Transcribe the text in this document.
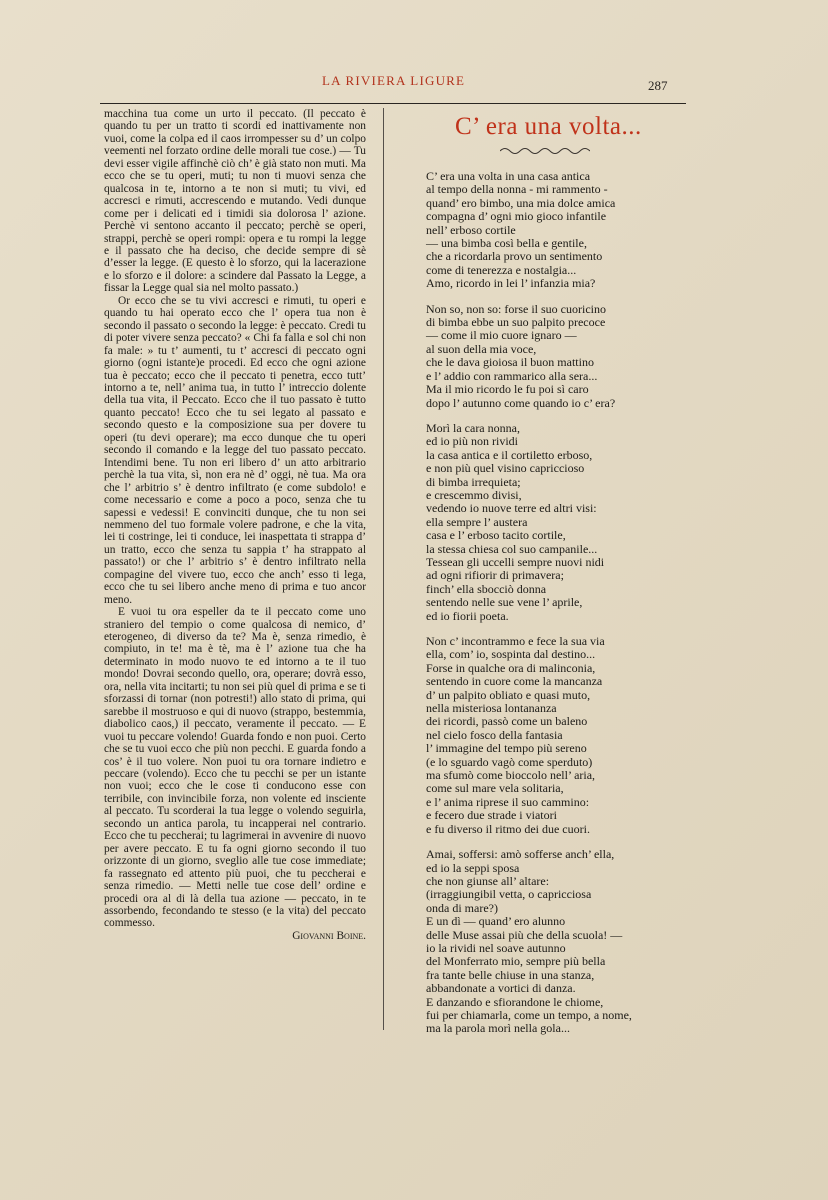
LA RIVIERA LIGURE	287

macchina tua come un urto il peccato. (Il peccato è quando tu per un tratto ti scordi ed inattivamente non vuoi, come la colpa ed il caos irrompesser su d’ un colpo veementi nel forzato ordine delle morali tue cose.) — Tu devi esser vigile affinchè ciò ch’ è già stato non muti. Ma ecco che se tu operi, muti; tu non ti muovi senza che qualcosa in te, intorno a te non si muti; tu vivi, ed accresci e rimuti, accrescendo e mutando. Vedi dunque come per i delicati ed i timidi sia dolorosa l’ azione. Perchè vi sentono accanto il peccato; perchè se operi, strappi, perchè se operi rompi: opera e tu rompi la legge e il passato che ha deciso, che decide sempre di sè d’esser la legge. (E questo è lo sforzo, qui la lacerazione e lo sforzo e il dolore: a scindere dal Passato la Legge, a fissar la Legge qual sia nel molto passato.)

Or ecco che se tu vivi accresci e rimuti, tu operi e quando tu hai operato ecco che l’ opera tua non è secondo il passato o secondo la legge: è peccato. Credi tu di poter vivere senza peccato? « Chi fa falla e sol chi non fa male: » tu t’ aumenti, tu t’ accresci di peccato ogni giorno (ogni istante)e procedi. Ed ecco che ogni azione tua è peccato; ecco che il peccato ti penetra, ecco tutt’ intorno a te, nell’ anima tua, in tutto l’ intreccio dolente della tua vita, il Peccato. Ecco che il tuo passato è tutto quanto peccato! Ecco che tu sei legato al passato e secondo questo e la composizione sua per dovere tu operi (tu devi operare); ma ecco dunque che tu operi secondo il comando e la legge del tuo passato peccato. Intendimi bene. Tu non eri libero d’ un atto arbitrario perchè la tua vita, sì, non era nè d’ oggi, nè tua. Ma ora che l’ arbitrio s’ è dentro infiltrato (e come subdolo! e come necessario e come a poco a poco, senza che tu sapessi e vedessi! E convinciti dunque, che tu non sei nemmeno del tuo formale volere padrone, e che la vita, lei ti costringe, lei ti conduce, lei inaspettata ti strappa d’ un tratto, ecco che senza tu sappia t’ ha strappato al passato!) or che l’ arbitrio s’ è dentro infiltrato nella compagine del vivere tuo, ecco che anch’ esso ti lega, ecco che tu sei libero anche meno di prima e tuo ancor meno.

E vuoi tu ora espeller da te il peccato come uno straniero del tempio o come qualcosa di nemico, d’ eterogeneo, di diverso da te? Ma è, senza rimedio, è compiuto, in te! ma è tè, ma è l’ azione tua che ha determinato in modo nuovo te ed intorno a te il tuo mondo! Dovrai secondo quello, ora, operare; dovrà esso, ora, nella vita incitarti; tu non sei più quel di prima e se ti sforzassi di tornar (non potresti!) allo stato di prima, qui sarebbe il mostruoso e qui di nuovo (strappo, bestemmia, diabolico caos,) il peccato, veramente il peccato. — E vuoi tu peccare volendo! Guarda fondo e non puoi. Certo che se tu vuoi ecco che più non pecchi. E guarda fondo a cos’ è il tuo volere. Non puoi tu ora tornare indietro e peccare (volendo). Ecco che tu pecchi se per un istante non vuoi; ecco che le cose ti conducono esse con terribile, con invincibile forza, non volente ed insciente al peccato. Tu scorderai la tua legge o volendo seguirla, secondo un antica parola, tu incapperai nel contrario. Ecco che tu peccherai; tu lagrimerai in avvenire di nuovo per avere peccato. E tu fa ogni giorno secondo il tuo orizzonte di un giorno, sveglio alle tue cose immediate; fa rassegnato ed attento più puoi, che tu peccherai e senza rimedio. — Metti nelle tue cose dell’ ordine e procedi ora al di là della tua azione — peccato, in te assorbendo, fecondando te stesso (e la vita) del peccato commesso.

Giovanni Boine.
C’ era una volta...
C’ era una volta in una casa antica
al tempo della nonna - mi rammento -
quand’ ero bimbo, una mia dolce amica
compagna d’ ogni mio gioco infantile
nell’ erboso cortile
— una bimba così bella e gentile,
che a ricordarla provo un sentimento
come di tenerezza e nostalgia...
Amo, ricordo in lei l’ infanzia mia?
Non so, non so: forse il suo cuoricino
di bimba ebbe un suo palpito precoce
— come il mio cuore ignaro —
al suon della mia voce,
che le dava gioiosa il buon mattino
e l’ addio con rammarico alla sera...
Ma il mio ricordo le fu poi sì caro
dopo l’ autunno come quando io c’ era?
Morì la cara nonna,
ed io più non rividi
la casa antica e il cortiletto erboso,
e non più quel visino capriccioso
di bimba irrequieta;
e crescemmo divisi,
vedendo io nuove terre ed altri visi:
ella sempre l’ austera
casa e l’ erboso tacito cortile,
la stessa chiesa col suo campanile...
Tessean gli uccelli sempre nuovi nidi
ad ogni rifiorir di primavera;
finch’ ella sbocciò donna
sentendo nelle sue vene l’ aprile,
ed io fiorii poeta.
Non c’ incontrammo e fece la sua via
ella, com’ io, sospinta dal destino...
Forse in qualche ora di malinconia,
sentendo in cuore come la mancanza
d’ un palpito obliato e quasi muto,
nella misteriosa lontananza
dei ricordi, passò come un baleno
nel cielo fosco della fantasia
l’ immagine del tempo più sereno
(e lo sguardo vagò come sperduto)
ma sfumò come bioccolo nell’ aria,
come sul mare vela solitaria,
e l’ anima riprese il suo cammino:
e fecero due strade i viatori
e fu diverso il ritmo dei due cuori.
Amai, soffersi: amò sofferse anch’ ella,
ed io la seppi sposa
che non giunse all’ altare:
(irraggiungibil vetta, o capricciosa
onda di mare?)
E un dì — quand’ ero alunno
delle Muse assai più che della scuola! —
io la rividi nel soave autunno
del Monferrato mio, sempre più bella
fra tante belle chiuse in una stanza,
abbandonate a vortici di danza.
E danzando e sfiorandone le chiome,
fui per chiamarla, come un tempo, a nome,
ma la parola morì nella gola...
